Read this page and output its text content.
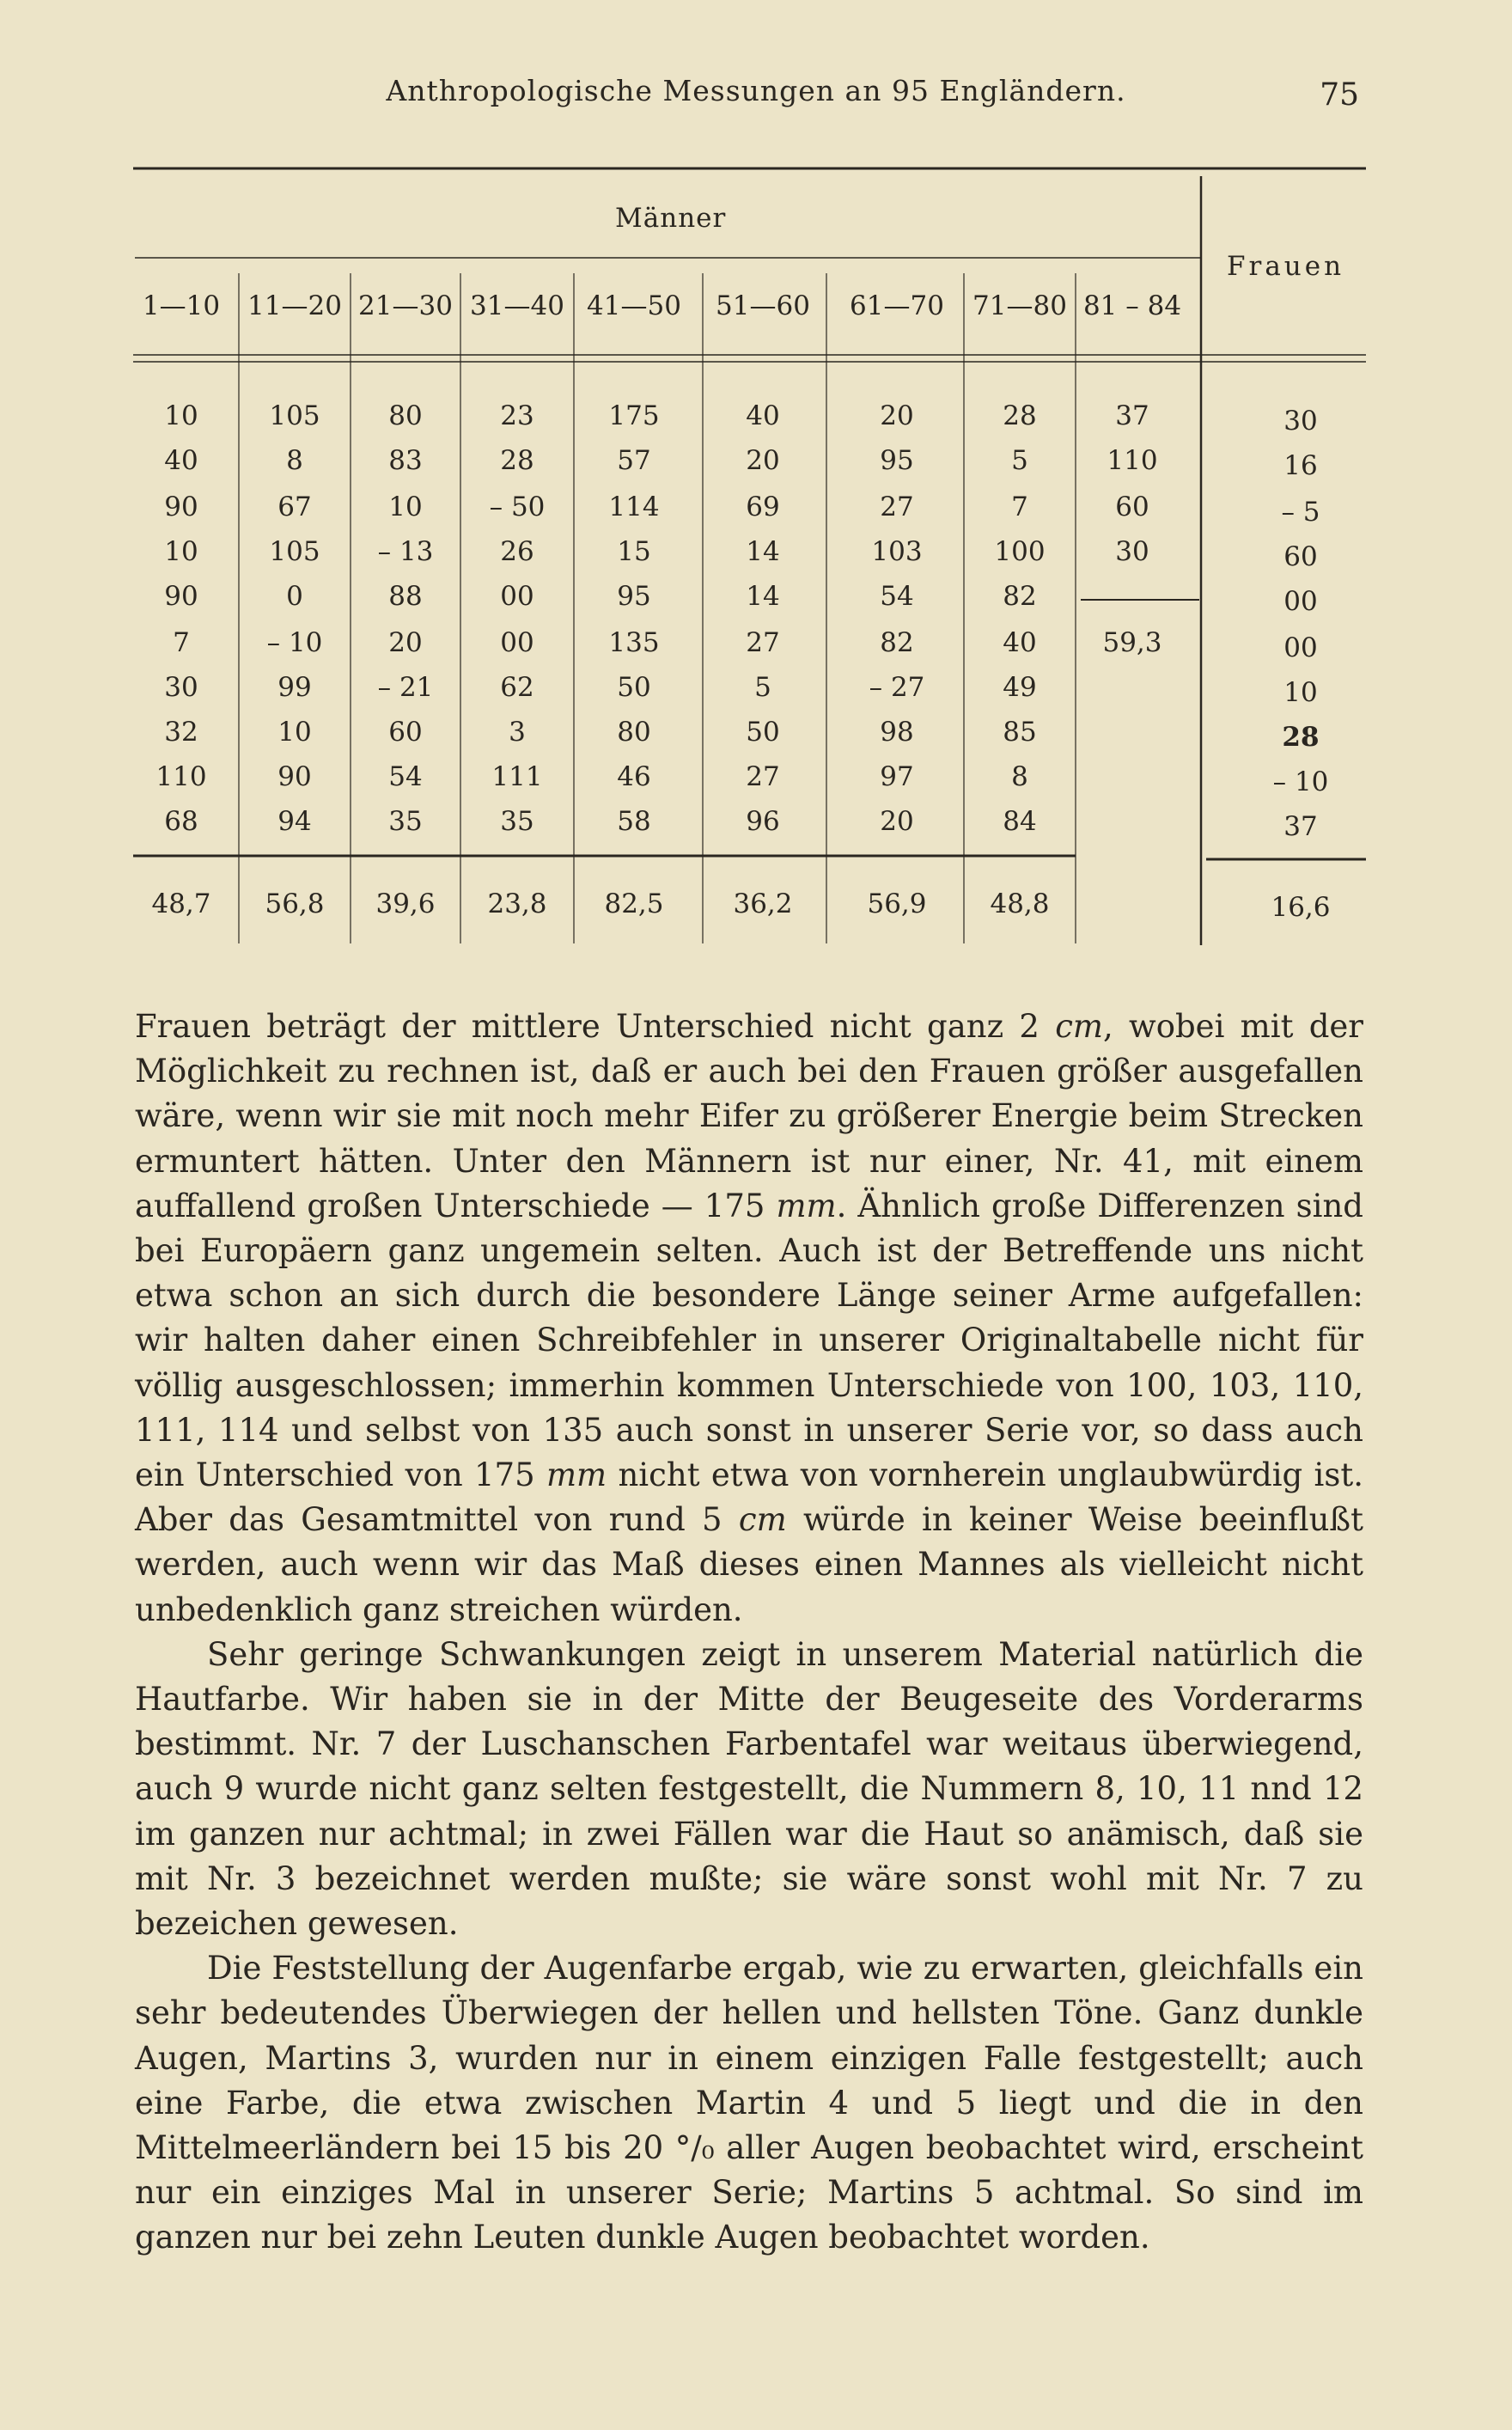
Anthropologische Messungen an 95 Engländern.	75
Männer
Frauen
1—10
10
40
90
10
90
7
30
32
110
68
48,7
11—20
105
8
67
105
0
– 10
99
10
90
94
56,8
21—30
80
83
10
– 13
88
20
– 21
60
54
35
39,6
31—40
23
28
– 50
26
00
00
62
3
111
35
23,8
41—50
175
57
114
15
95
135
50
80
46
58
82,5
51—60
40
20
69
14
14
27
5
50
27
96
36,2
61—70
20
95
27
103
54
82
– 27
98
97
20
56,9
71—80
28
5
7
100
82
40
49
85
8
84
48,8
81 – 84
37
110
60
30
59,3
30
16
– 5
60
00
00
10
28
– 10
37
16,6

Frauen beträgt der mittlere Unterschied nicht ganz 2 cm, wobei mit der Möglichkeit zu rechnen ist, daß er auch bei den Frauen größer ausgefallen wäre, wenn wir sie mit noch mehr Eifer zu größerer Energie beim Strecken ermuntert hätten. Unter den Männern ist nur einer, Nr. 41, mit einem auffallend großen Unterschiede — 175 mm. Ähnlich große Differenzen sind bei Europäern ganz ungemein selten. Auch ist der Betreffende uns nicht etwa schon an sich durch die besondere Länge seiner Arme aufgefallen: wir halten daher einen Schreibfehler in unserer Originaltabelle nicht für völlig ausgeschlossen; immerhin kommen Unterschiede von 100, 103, 110, 111, 114 und selbst von 135 auch sonst in unserer Serie vor, so dass auch ein Unterschied von 175 mm nicht etwa von vornherein unglaubwürdig ist. Aber das Gesamtmittel von rund 5 cm würde in keiner Weise beeinflußt werden, auch wenn wir das Maß dieses einen Mannes als vielleicht nicht unbedenklich ganz streichen würden.

Sehr geringe Schwankungen zeigt in unserem Material natürlich die Hautfarbe. Wir haben sie in der Mitte der Beugeseite des Vorderarms bestimmt. Nr. 7 der Luschanschen Farbentafel war weitaus überwiegend, auch 9 wurde nicht ganz selten festgestellt, die Nummern 8, 10, 11 nnd 12 im ganzen nur achtmal; in zwei Fällen war die Haut so anämisch, daß sie mit Nr. 3 bezeichnet werden mußte; sie wäre sonst wohl mit Nr. 7 zu bezeichen gewesen.

Die Feststellung der Augenfarbe ergab, wie zu erwarten, gleichfalls ein sehr bedeutendes Überwiegen der hellen und hellsten Töne. Ganz dunkle Augen, Martins 3, wurden nur in einem einzigen Falle festgestellt; auch eine Farbe, die etwa zwischen Martin 4 und 5 liegt und die in den Mittelmeerländern bei 15 bis 20 °/₀ aller Augen beobachtet wird, erscheint nur ein einziges Mal in unserer Serie; Martins 5 achtmal. So sind im ganzen nur bei zehn Leuten dunkle Augen beobachtet worden.
